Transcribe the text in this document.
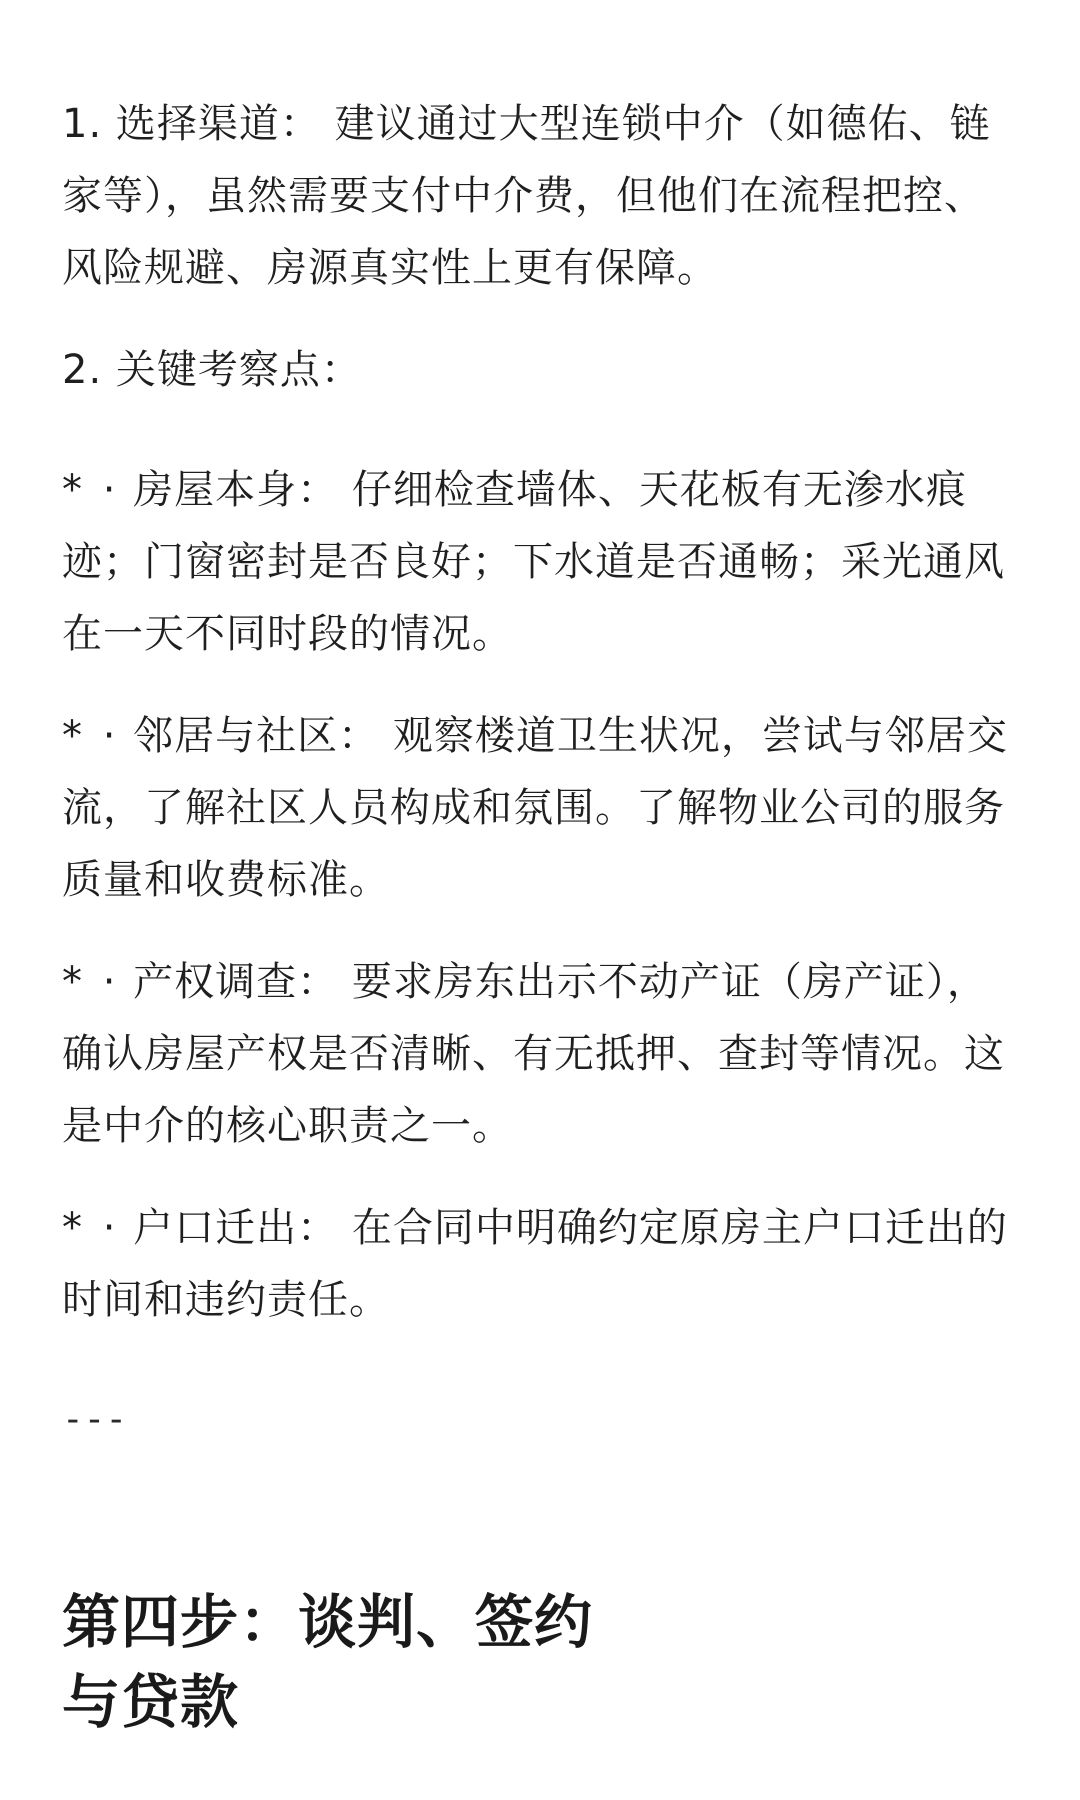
1. 选择渠道： 建议通过大型连锁中介（如德佑、链家等），虽然需要支付中介费，但他们在流程把控、风险规避、房源真实性上更有保障。

2. 关键考察点：

* · 房屋本身： 仔细检查墙体、天花板有无渗水痕迹；门窗密封是否良好；下水道是否通畅；采光通风在一天不同时段的情况。

* · 邻居与社区： 观察楼道卫生状况，尝试与邻居交流，了解社区人员构成和氛围。了解物业公司的服务质量和收费标准。

* · 产权调查： 要求房东出示不动产证（房产证），确认房屋产权是否清晰、有无抵押、查封等情况。这是中介的核心职责之一。

* · 户口迁出： 在合同中明确约定原房主户口迁出的时间和违约责任。

---
第四步：谈判、签约与贷款
